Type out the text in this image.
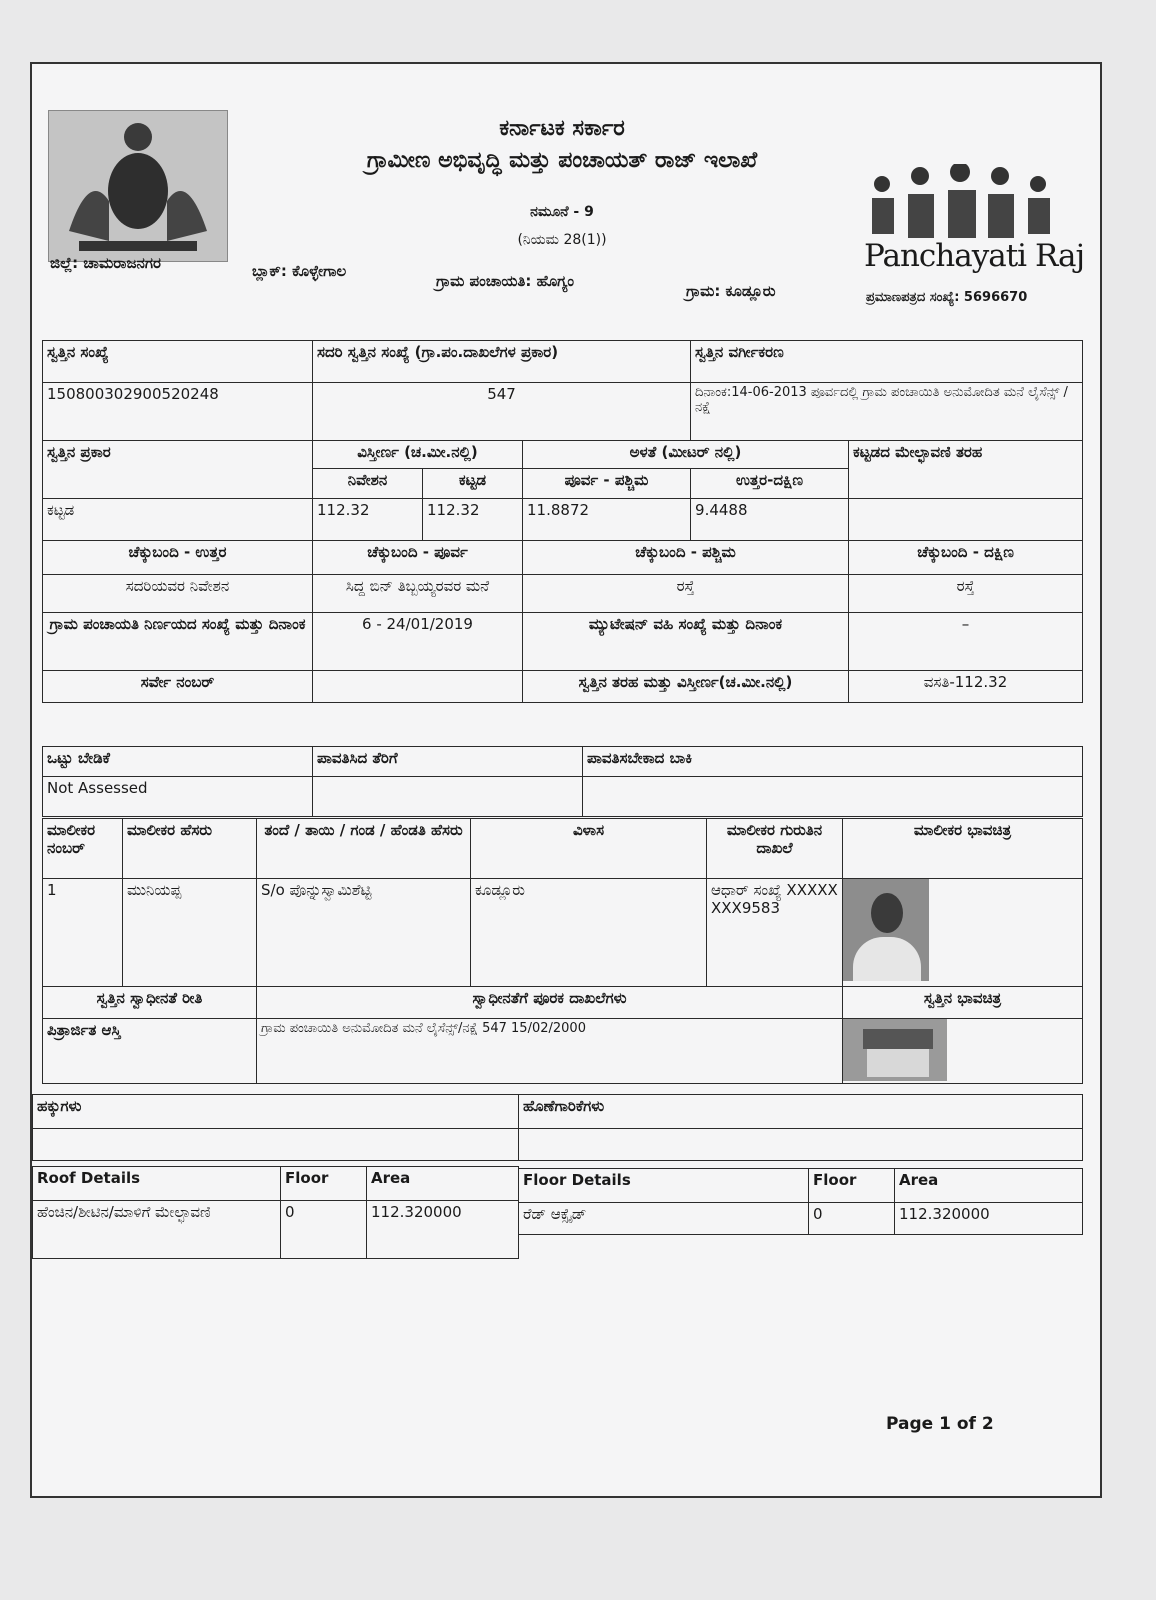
ಕರ್ನಾಟಕ ಸರ್ಕಾರ
ಗ್ರಾಮೀಣ ಅಭಿವೃದ್ಧಿ ಮತ್ತು ಪಂಚಾಯತ್ ರಾಜ್ ಇಲಾಖೆ
ನಮೂನೆ - 9
(ನಿಯಮ 28(1))	Panchayati Raj
ಜಿಲ್ಲೆ: ಚಾಮರಾಜನಗರ	ಬ್ಲಾಕ್: ಕೊಳ್ಳೇಗಾಲ
ಗ್ರಾಮ ಪಂಚಾಯತಿ: ಹೊಗ್ಯಂ
ಗ್ರಾಮ: ಕೂಡ್ಲೂರು	ಪ್ರಮಾಣಪತ್ರದ ಸಂಖ್ಯೆ: 5696670
ಸ್ವತ್ತಿನ ಸಂಖ್ಯೆ	ಸದರಿ ಸ್ವತ್ತಿನ ಸಂಖ್ಯೆ (ಗ್ರಾ.ಪಂ.ದಾಖಲೆಗಳ ಪ್ರಕಾರ)			ಸ್ವತ್ತಿನ ವರ್ಗೀಕರಣ	
150800302900520248	547			ದಿನಾಂಕ:14-06-2013 ಪೂರ್ವದಲ್ಲಿ ಗ್ರಾಮ ಪಂಚಾಯಿತಿ ಅನುಮೋದಿತ ಮನೆ ಲೈಸೆನ್ಸ್ /ನಕ್ಷೆ	
ಸ್ವತ್ತಿನ ಪ್ರಕಾರ	ವಿಸ್ತೀರ್ಣ (ಚ.ಮೀ.ನಲ್ಲಿ)		ಅಳತೆ (ಮೀಟರ್ ನಲ್ಲಿ)		ಕಟ್ಟಡದ ಮೇಲ್ಛಾವಣಿ ತರಹ
	ನಿವೇಶನ	ಕಟ್ಟಡ	ಪೂರ್ವ - ಪಶ್ಚಿಮ	ಉತ್ತರ-ದಕ್ಷಿಣ	
ಕಟ್ಟಡ	112.32	112.32	11.8872	9.4488	
ಚೆಕ್ಕುಬಂದಿ - ಉತ್ತರ	ಚೆಕ್ಕುಬಂದಿ - ಪೂರ್ವ		ಚೆಕ್ಕುಬಂದಿ - ಪಶ್ಚಿಮ		ಚೆಕ್ಕುಬಂದಿ - ದಕ್ಷಿಣ
ಸದರಿಯವರ ನಿವೇಶನ	ಸಿದ್ದ ಬಿನ್ ತಿಬ್ಬಯ್ಯರವರ ಮನೆ		ರಸ್ತೆ		ರಸ್ತೆ
ಗ್ರಾಮ ಪಂಚಾಯತಿ ನಿರ್ಣಯದ ಸಂಖ್ಯೆ ಮತ್ತು ದಿನಾಂಕ	6 - 24/01/2019		ಮ್ಯುಟೇಷನ್ ವಹಿ ಸಂಖ್ಯೆ ಮತ್ತು ದಿನಾಂಕ		–
ಸರ್ವೇ ನಂಬರ್			ಸ್ವತ್ತಿನ ತರಹ ಮತ್ತು ವಿಸ್ತೀರ್ಣ(ಚ.ಮೀ.ನಲ್ಲಿ)		ವಸತಿ-112.32
ಒಟ್ಟು ಬೇಡಿಕೆ	ಪಾವತಿಸಿದ ತೆರಿಗೆ	ಪಾವತಿಸಬೇಕಾದ ಬಾಕಿ
Not Assessed		
ಮಾಲೀಕರ ನಂಬರ್	ಮಾಲೀಕರ ಹೆಸರು	ತಂದೆ / ತಾಯಿ / ಗಂಡ / ಹೆಂಡತಿ ಹೆಸರು	ವಿಳಾಸ	ಮಾಲೀಕರ ಗುರುತಿನ ದಾಖಲೆ	ಮಾಲೀಕರ ಭಾವಚಿತ್ರ
1	ಮುನಿಯಪ್ಪ	S/o ಪೊನ್ನುಸ್ವಾಮಿಶೆಟ್ಟಿ	ಕೂಡ್ಲೂರು	ಆಧಾರ್ ಸಂಖ್ಯೆ XXXXXXXX9583	
ಸ್ವತ್ತಿನ ಸ್ವಾಧೀನತೆ ರೀತಿ	ಸ್ವಾಧೀನತೆಗೆ ಪೂರಕ ದಾಖಲೆಗಳು	ಸ್ವತ್ತಿನ ಭಾವಚಿತ್ರ
ಪಿತ್ರಾರ್ಜಿತ ಆಸ್ತಿ	ಗ್ರಾಮ ಪಂಚಾಯಿತಿ ಅನುಮೋದಿತ ಮನೆ ಲೈಸೆನ್ಸ್/ನಕ್ಷೆ 547 15/02/2000	
ಹಕ್ಕುಗಳು	ಹೊಣೆಗಾರಿಕೆಗಳು

Roof Details	Floor	Area
ಹೆಂಚಿನ/ಶೀಟಿನ/ಮಾಳಿಗೆ ಮೇಲ್ಛಾವಣಿ	0	112.320000
Floor Details	Floor	Area
ರೆಡ್ ಆಕ್ಸೈಡ್	0	112.320000
Page 1 of 2
